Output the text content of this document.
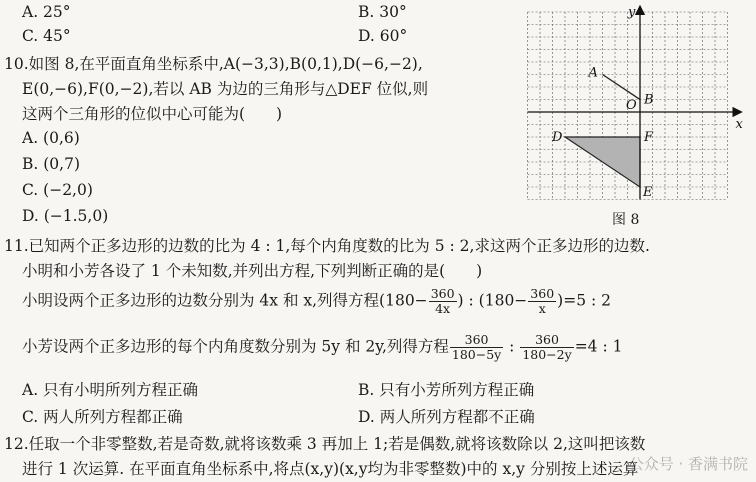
A. 25°	B. 30°
C. 45°	D. 60°
10.如图 8,在平面直角坐标系中,A(−3,3),B(0,1),D(−6,−2),
E(0,−6),F(0,−2),若以 AB 为边的三角形与△DEF 位似,则
这两个三角形的位似中心可能为(　　)
A. (0,6)
B. (0,7)
C. (−2,0)
D. (−1.5,0)
y
x
O
A
B
D	F
E
图 8
11.已知两个正多边形的边数的比为 4 : 1,每个内角度数的比为 5 : 2,求这两个正多边形的边数.
小明和小芳各设了 1 个未知数,并列出方程,下列判断正确的是(　　)
小明设两个正多边形的边数分别为 4x 和 x,列得方程($180- \frac{360}{4x}$ ) : $(180- \frac{360}{x} )=5$ : 2
小芳设两个正多边形的每个内角度数分别为 5y 和 2y,列得方程 $\frac{360}{180-5y}$ : $\frac{360}{180-2y} =4$ : 1
A. 只有小明所列方程正确	B. 只有小芳所列方程正确
C. 两人所列方程都正确	D. 两人所列方程都不正确
12.任取一个非零整数,若是奇数,就将该数乘 3 再加上 1;若是偶数,就将该数除以 2,这叫把该数
进行 1 次运算. 在平面直角坐标系中,将点(x,y)(x,y均为非零整数)中的 x,y 分别按上述运算
公众号 · 香满书院
